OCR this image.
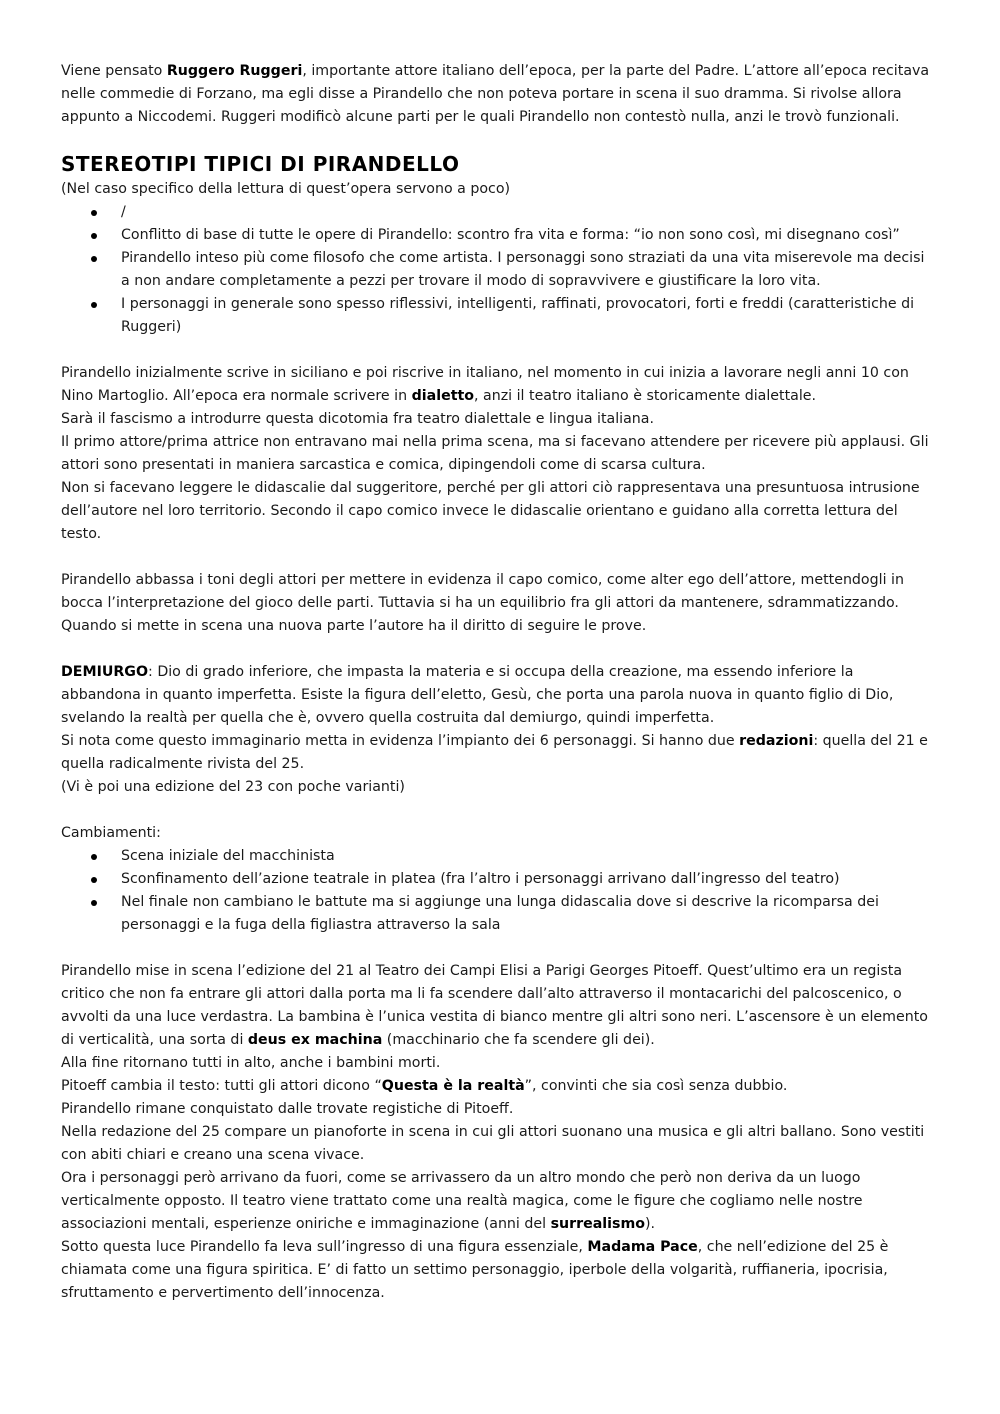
Viene pensato Ruggero Ruggeri, importante attore italiano dell’epoca, per la parte del Padre. L’attore all’epoca recitava nelle commedie di Forzano, ma egli disse a Pirandello che non poteva portare in scena il suo dramma. Si rivolse allora appunto a Niccodemi. Ruggeri modificò alcune parti per le quali Pirandello non contestò nulla, anzi le trovò funzionali.

STEREOTIPI TIPICI DI PIRANDELLO

(Nel caso specifico della lettura di quest’opera servono a poco)

/
Conflitto di base di tutte le opere di Pirandello: scontro fra vita e forma: “io non sono così, mi disegnano così”
Pirandello inteso più come filosofo che come artista. I personaggi sono straziati da una vita miserevole ma decisi a non andare completamente a pezzi per trovare il modo di sopravvivere e giustificare la loro vita.
I personaggi in generale sono spesso riflessivi, intelligenti, raffinati, provocatori, forti e freddi (caratteristiche di Ruggeri)

Pirandello inizialmente scrive in siciliano e poi riscrive in italiano, nel momento in cui inizia a lavorare negli anni 10 con Nino Martoglio. All’epoca era normale scrivere in dialetto, anzi il teatro italiano è storicamente dialettale.

Sarà il fascismo a introdurre questa dicotomia fra teatro dialettale e lingua italiana.

Il primo attore/prima attrice non entravano mai nella prima scena, ma si facevano attendere per ricevere più applausi. Gli attori sono presentati in maniera sarcastica e comica, dipingendoli come di scarsa cultura.

Non si facevano leggere le didascalie dal suggeritore, perché per gli attori ciò rappresentava una presuntuosa intrusione dell’autore nel loro territorio. Secondo il capo comico invece le didascalie orientano e guidano alla corretta lettura del testo.

Pirandello abbassa i toni degli attori per mettere in evidenza il capo comico, come alter ego dell’attore, mettendogli in bocca l’interpretazione del gioco delle parti. Tuttavia si ha un equilibrio fra gli attori da mantenere, sdrammatizzando. Quando si mette in scena una nuova parte l’autore ha il diritto di seguire le prove.

DEMIURGO: Dio di grado inferiore, che impasta la materia e si occupa della creazione, ma essendo inferiore la abbandona in quanto imperfetta. Esiste la figura dell’eletto, Gesù, che porta una parola nuova in quanto figlio di Dio, svelando la realtà per quella che è, ovvero quella costruita dal demiurgo, quindi imperfetta.

Si nota come questo immaginario metta in evidenza l’impianto dei 6 personaggi. Si hanno due redazioni: quella del 21 e quella radicalmente rivista del 25.

(Vi è poi una edizione del 23 con poche varianti)

Cambiamenti:

Scena iniziale del macchinista
Sconfinamento dell’azione teatrale in platea (fra l’altro i personaggi arrivano dall’ingresso del teatro)
Nel finale non cambiano le battute ma si aggiunge una lunga didascalia dove si descrive la ricomparsa dei personaggi e la fuga della figliastra attraverso la sala

Pirandello mise in scena l’edizione del 21 al Teatro dei Campi Elisi a Parigi Georges Pitoeff. Quest’ultimo era un regista critico che non fa entrare gli attori dalla porta ma li fa scendere dall’alto attraverso il montacarichi del palcoscenico, o avvolti da una luce verdastra. La bambina è l’unica vestita di bianco mentre gli altri sono neri. L’ascensore è un elemento di verticalità, una sorta di deus ex machina (macchinario che fa scendere gli dei).

Alla fine ritornano tutti in alto, anche i bambini morti.

Pitoeff cambia il testo: tutti gli attori dicono “Questa è la realtà”, convinti che sia così senza dubbio.

Pirandello rimane conquistato dalle trovate registiche di Pitoeff.

Nella redazione del 25 compare un pianoforte in scena in cui gli attori suonano una musica e gli altri ballano. Sono vestiti con abiti chiari e creano una scena vivace.

Ora i personaggi però arrivano da fuori, come se arrivassero da un altro mondo che però non deriva da un luogo verticalmente opposto. Il teatro viene trattato come una realtà magica, come le figure che cogliamo nelle nostre associazioni mentali, esperienze oniriche e immaginazione (anni del surrealismo).

Sotto questa luce Pirandello fa leva sull’ingresso di una figura essenziale, Madama Pace, che nell’edizione del 25 è chiamata come una figura spiritica. E’ di fatto un settimo personaggio, iperbole della volgarità, ruffianeria, ipocrisia, sfruttamento e pervertimento dell’innocenza.
